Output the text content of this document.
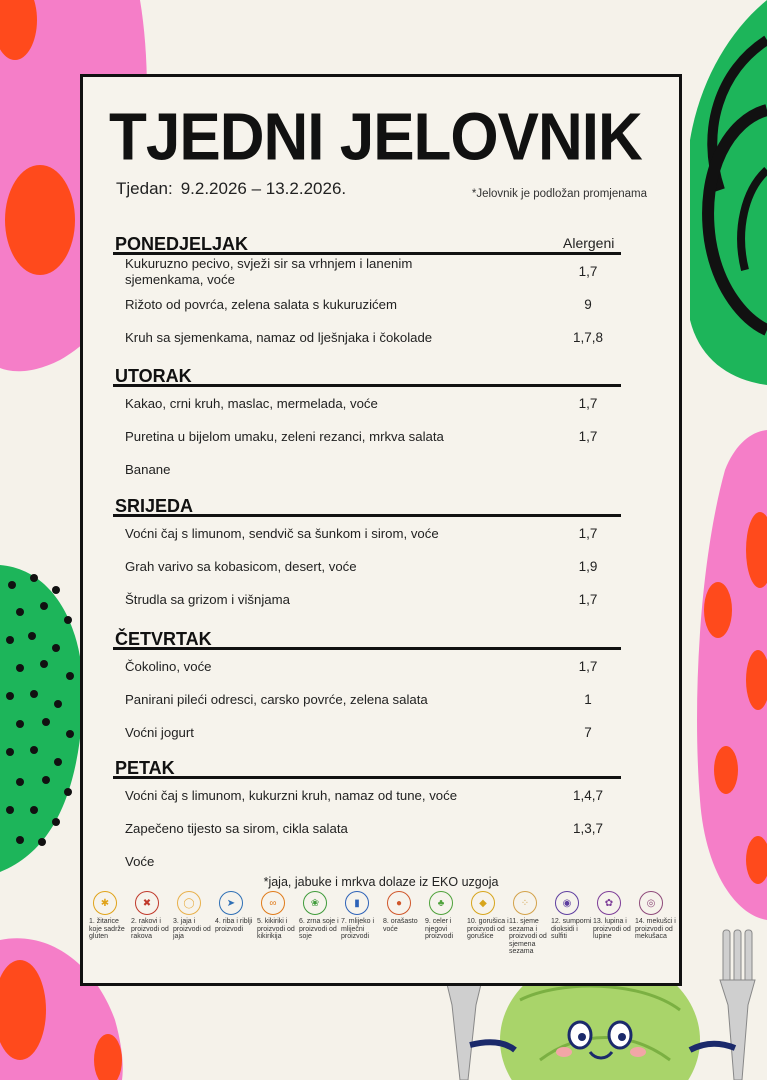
TJEDNI JELOVNIK
Tjedan: 9.2.2026 – 13.2.2026.	*Jelovnik je podložan promjenama
Alergeni
PONEDJELJAK
Kukuruzno pecivo, svježi sir sa vrhnjem i lanenim sjemenkama, voće
1,7
Rižoto od povrća, zelena salata s kukuruzićem	9
Kruh sa sjemenkama, namaz od lješnjaka i čokolade	1,7,8
UTORAK
Kakao, crni kruh, maslac, mermelada, voće	1,7
Puretina u bijelom umaku, zeleni rezanci, mrkva salata	1,7
Banane
SRIJEDA
Voćni čaj s limunom, sendvič sa šunkom i sirom, voće	1,7
Grah varivo sa kobasicom, desert, voće	1,9
Štrudla sa grizom i višnjama	1,7
ČETVRTAK
Čokolino, voće	1,7
Panirani pileći odresci, carsko povrće, zelena salata	1
Voćni jogurt	7
PETAK
Voćni čaj s limunom, kukurzni kruh, namaz od tune, voće	1,4,7
Zapečeno tijesto sa sirom, cikla salata	1,3,7
Voće
*jaja, jabuke i mrkva dolaze iz EKO uzgoja
✱
1. žitarice koje sadrže gluten
✖
2. rakovi i proizvodi od rakova
◯
3. jaja i proizvodi od jaja
➤
4. riba i riblji proizvodi
∞
5. kikiriki i proizvodi od kikirikija
❀
6. zrna soje i proizvodi od soje
▮
7. mlijeko i mliječni proizvodi
●
8. orašasto voće
♣
9. celer i njegovi proizvodi
◆
10. gorušica i proizvodi od gorušice
⁘
11. sjeme sezama i proizvodi od sjemena sezama
◉
12. sumporni dioksidi i sulfiti
✿
13. lupina i proizvodi od lupine
◎
14. mekušci i proizvodi od mekušaca
